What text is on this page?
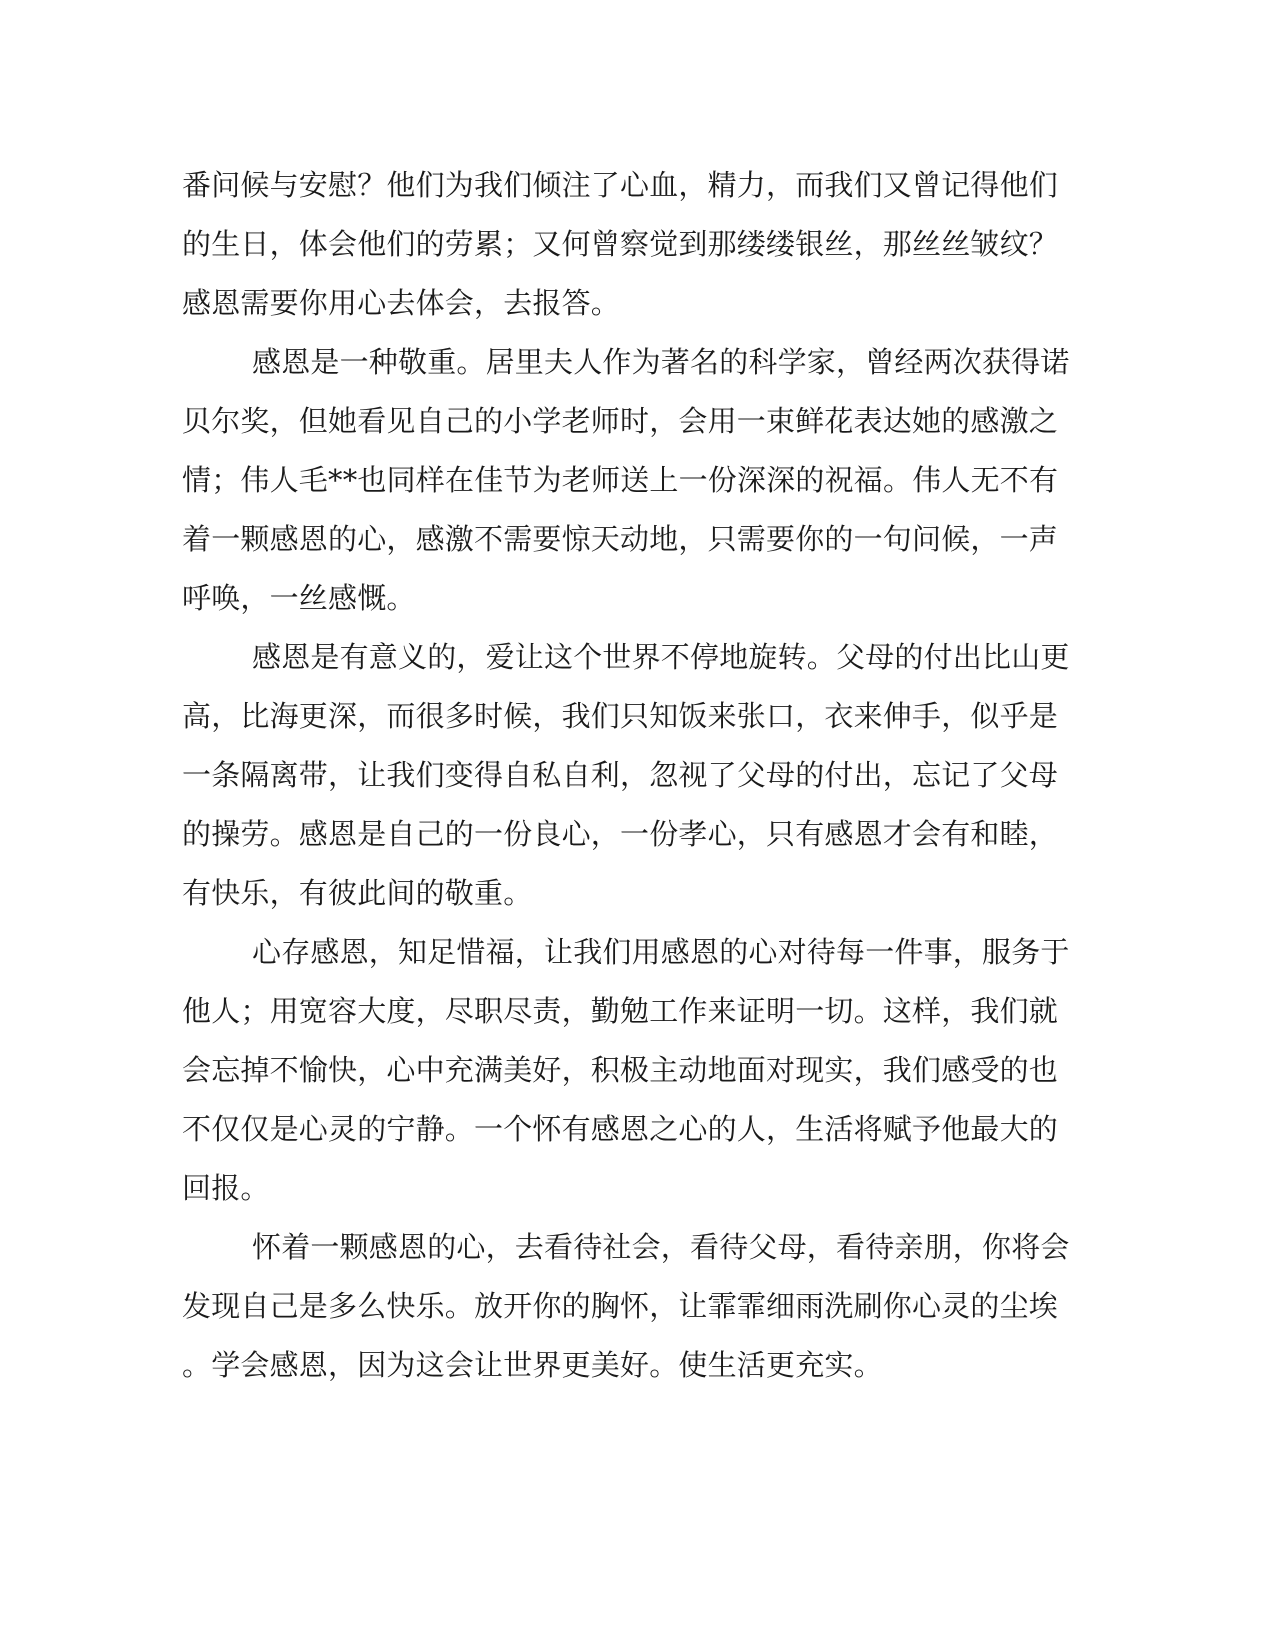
番问候与安慰？他们为我们倾注了心血，精力，而我们又曾记得他们
的生日，体会他们的劳累；又何曾察觉到那缕缕银丝，那丝丝皱纹？
感恩需要你用心去体会，去报答。
感恩是一种敬重。居里夫人作为著名的科学家，曾经两次获得诺
贝尔奖，但她看见自己的小学老师时，会用一束鲜花表达她的感激之
情；伟人毛**也同样在佳节为老师送上一份深深的祝福。伟人无不有
着一颗感恩的心，感激不需要惊天动地，只需要你的一句问候，一声
呼唤，一丝感慨。
感恩是有意义的，爱让这个世界不停地旋转。父母的付出比山更
高，比海更深，而很多时候，我们只知饭来张口，衣来伸手，似乎是
一条隔离带，让我们变得自私自利，忽视了父母的付出，忘记了父母
的操劳。感恩是自己的一份良心，一份孝心，只有感恩才会有和睦，
有快乐，有彼此间的敬重。
心存感恩，知足惜福，让我们用感恩的心对待每一件事，服务于
他人；用宽容大度，尽职尽责，勤勉工作来证明一切。这样，我们就
会忘掉不愉快，心中充满美好，积极主动地面对现实，我们感受的也
不仅仅是心灵的宁静。一个怀有感恩之心的人，生活将赋予他最大的
回报。
怀着一颗感恩的心，去看待社会，看待父母，看待亲朋，你将会
发现自己是多么快乐。放开你的胸怀，让霏霏细雨洗刷你心灵的尘埃
。学会感恩，因为这会让世界更美好。使生活更充实。
